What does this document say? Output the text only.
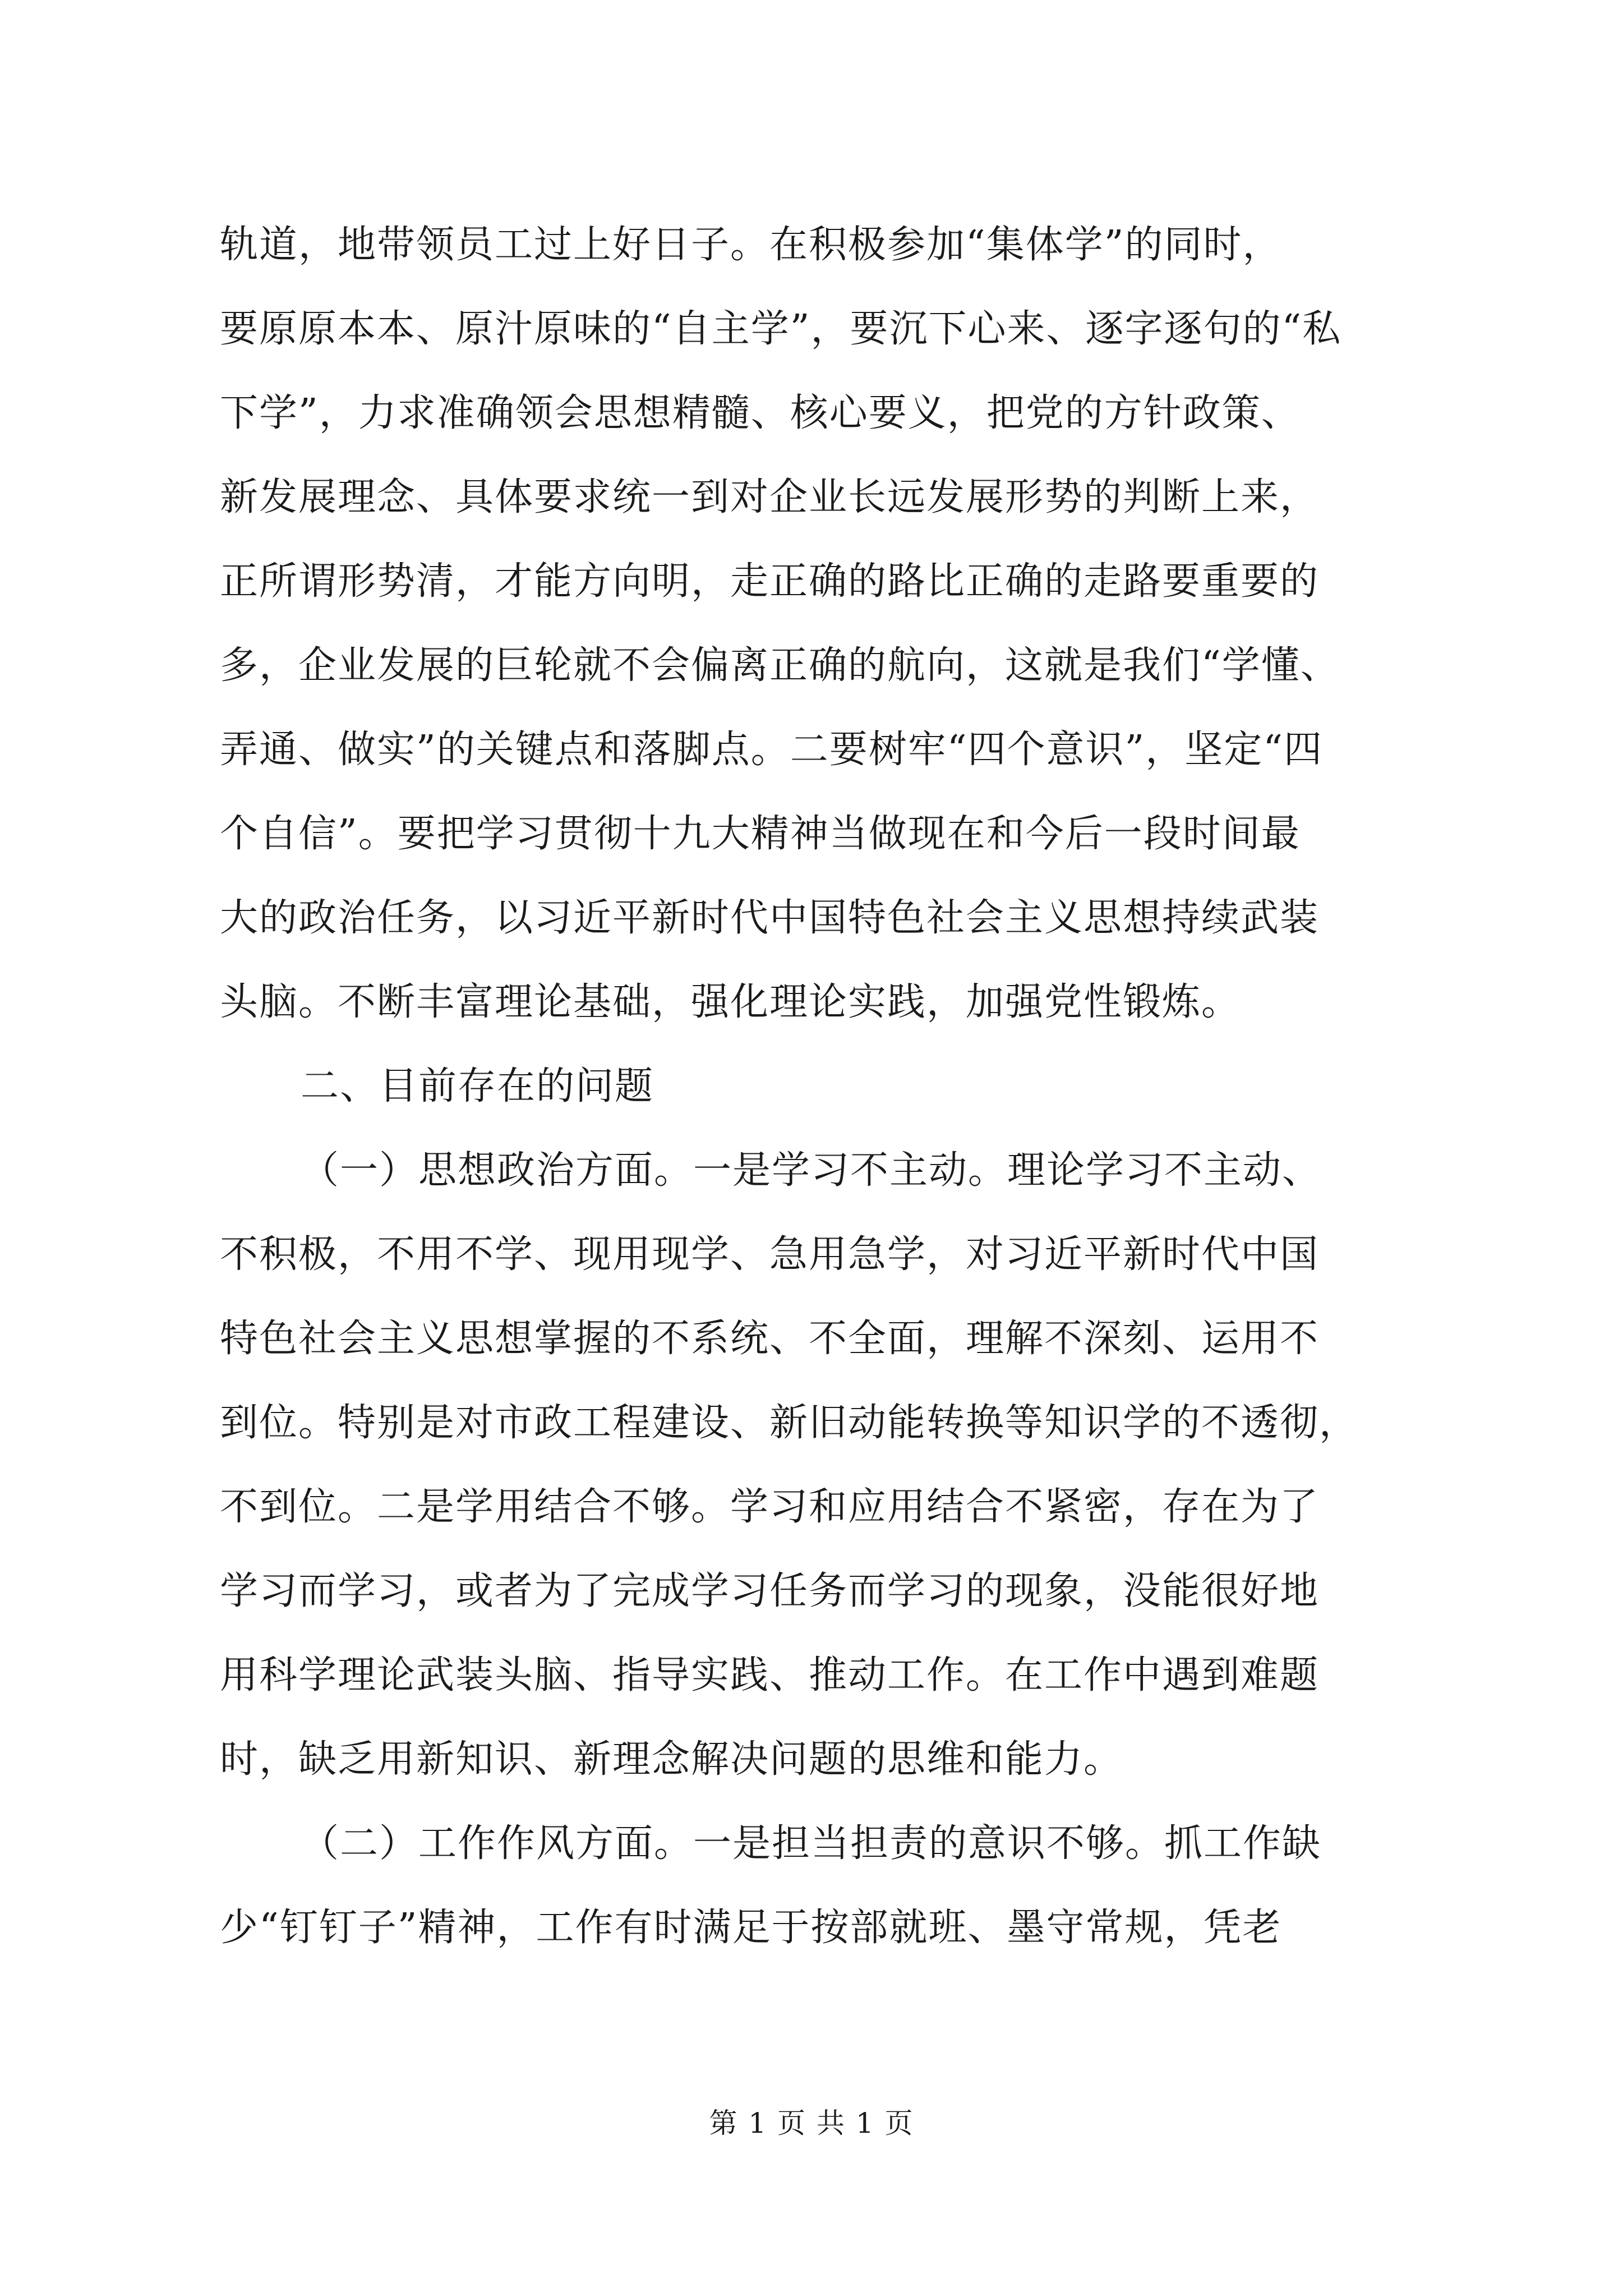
轨道，地带领员工过上好日子。在积极参加“集体学”的同时，
要原原本本、原汁原味的“自主学”，要沉下心来、逐字逐句的“私
下学”，力求准确领会思想精髓、核心要义，把党的方针政策、
新发展理念、具体要求统一到对企业长远发展形势的判断上来，
正所谓形势清，才能方向明，走正确的路比正确的走路要重要的
多，企业发展的巨轮就不会偏离正确的航向，这就是我们“学懂、
弄通、做实”的关键点和落脚点。二要树牢“四个意识”，坚定“四
个自信”。要把学习贯彻十九大精神当做现在和今后一段时间最
大的政治任务，以习近平新时代中国特色社会主义思想持续武装
头脑。不断丰富理论基础，强化理论实践，加强党性锻炼。
二、目前存在的问题
（一）思想政治方面。一是学习不主动。理论学习不主动、
不积极，不用不学、现用现学、急用急学，对习近平新时代中国
特色社会主义思想掌握的不系统、不全面，理解不深刻、运用不
到位。特别是对市政工程建设、新旧动能转换等知识学的不透彻，
不到位。二是学用结合不够。学习和应用结合不紧密，存在为了
学习而学习，或者为了完成学习任务而学习的现象，没能很好地
用科学理论武装头脑、指导实践、推动工作。在工作中遇到难题
时，缺乏用新知识、新理念解决问题的思维和能力。
（二）工作作风方面。一是担当担责的意识不够。抓工作缺
少“钉钉子”精神，工作有时满足于按部就班、墨守常规，凭老
第 1 页 共 1 页
